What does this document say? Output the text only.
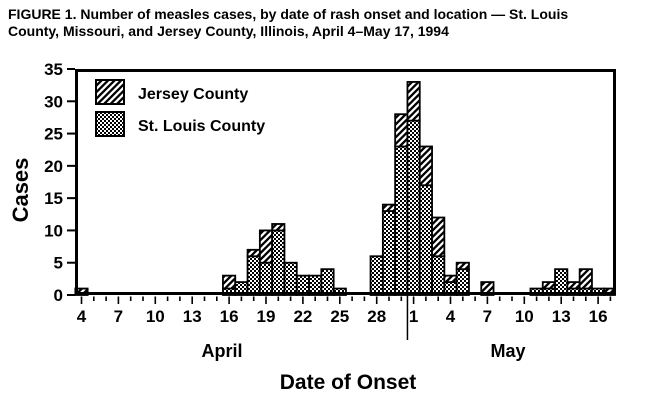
FIGURE 1. Number of measles cases, by date of rash onset and location — St. Louis
County, Missouri, and Jersey County, Illinois, April 4–May 17, 1994
4 7 10 13 16 19 22 25 28 1 4 7 10 13 16
0
5
10
15
20
25
30
35
Cases
April	May
Date of Onset
Jersey County
St. Louis County
